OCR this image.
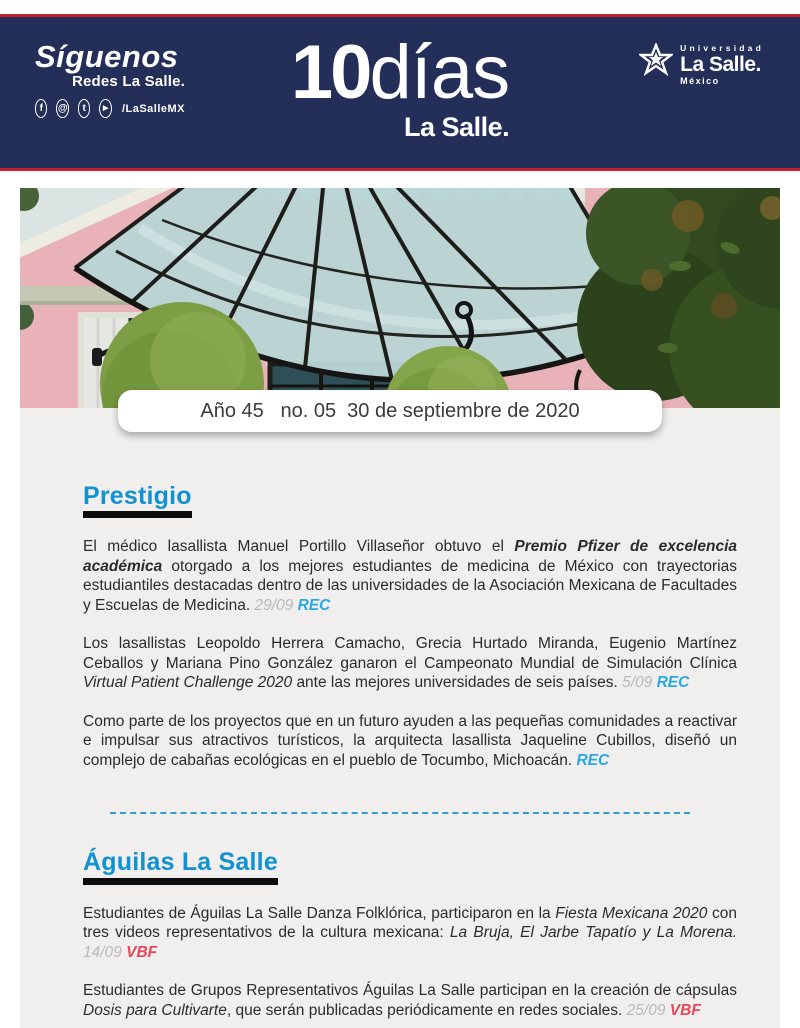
Síguenos
Redes La Salle.
f	@	t	▶	/LaSalleMX 10días
La Salle.
Universidad
La Salle.
México
Año 45   no. 05  30 de septiembre de 2020
Prestigio

El médico lasallista Manuel Portillo Villaseñor obtuvo el Premio Pfizer de excelencia académica otorgado a los mejores estudiantes de medicina de México con trayectorias estudiantiles destacadas dentro de las universidades de la Asociación Mexicana de Facultades y Escuelas de Medicina. 29/09 REC

Los lasallistas Leopoldo Herrera Camacho, Grecia Hurtado Miranda, Eugenio Martínez Ceballos y Mariana Pino González ganaron el Campeonato Mundial de Simulación Clínica Virtual Patient Challenge 2020 ante las mejores universidades de seis países. 5/09 REC

Como parte de los proyectos que en un futuro ayuden a las pequeñas comunidades a reactivar e impulsar sus atractivos turísticos, la arquitecta lasallista Jaqueline Cubillos, diseñó un complejo de cabañas ecológicas en el pueblo de Tocumbo, Michoacán. REC

Águilas La Salle

Estudiantes de Águilas La Salle Danza Folklórica, participaron en la Fiesta Mexicana 2020 con tres videos representativos de la cultura mexicana: La Bruja, El Jarbe Tapatío y La Morena. 14/09 VBF

Estudiantes de Grupos Representativos Águilas La Salle participan en la creación de cápsulas Dosis para Cultivarte, que serán publicadas periódicamente en redes sociales. 25/09 VBF
